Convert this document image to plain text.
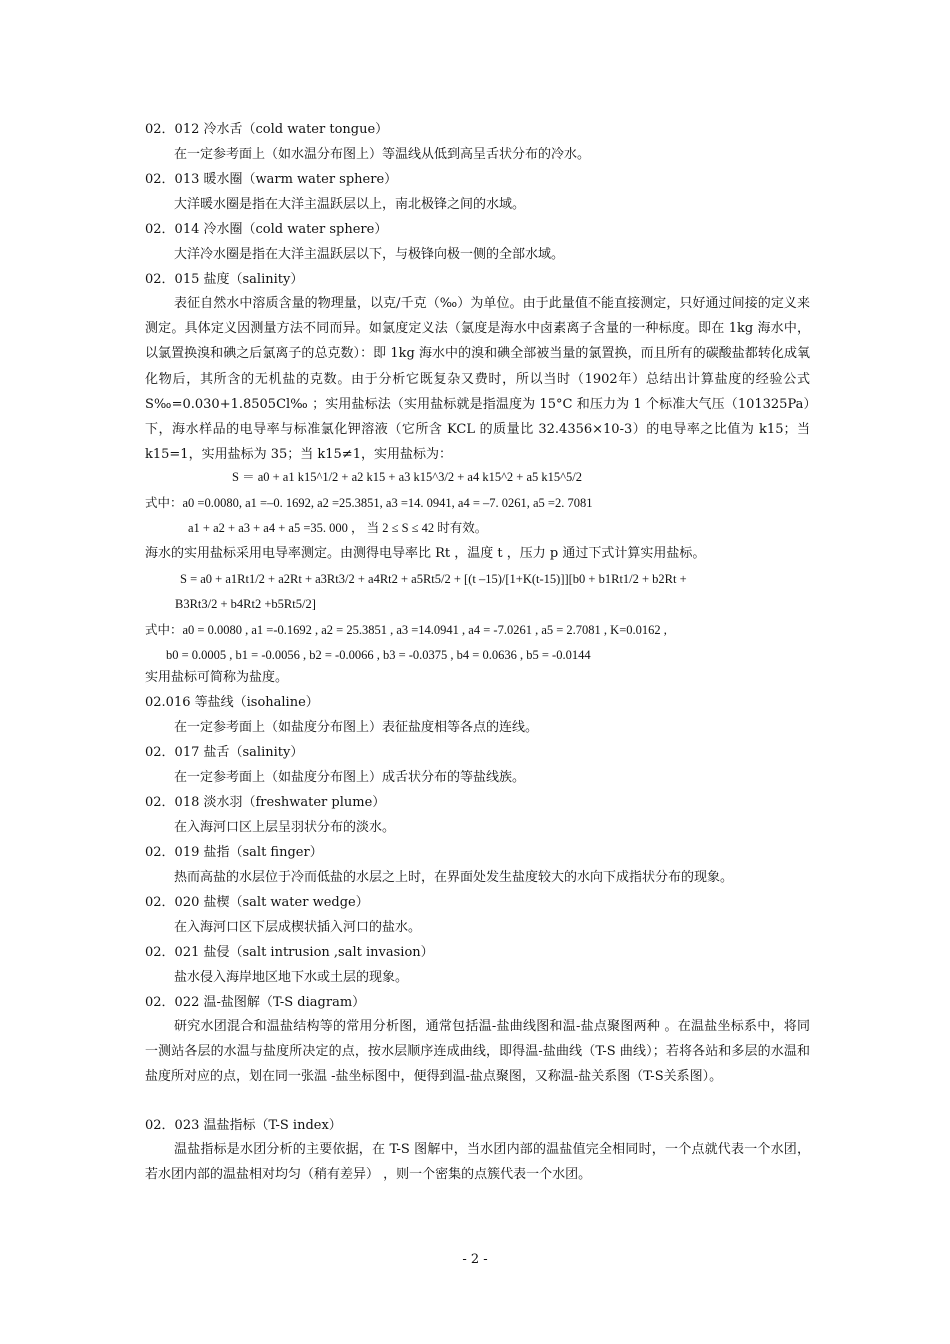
02．012 冷水舌（cold water tongue）
在一定参考面上（如水温分布图上）等温线从低到高呈舌状分布的冷水。
02．013 暖水圈（warm water sphere）
大洋暖水圈是指在大洋主温跃层以上，南北极锋之间的水域。
02．014 冷水圈（cold water sphere）
大洋冷水圈是指在大洋主温跃层以下，与极锋向极一侧的全部水域。
02．015 盐度（salinity）
表征自然水中溶质含量的物理量，以克/千克（‰）为单位。由于此量值不能直接测定，只好通过间接的定义来测定。具体定义因测量方法不同而异。如氯度定义法（氯度是海水中卤素离子含量的一种标度。即在 1kg 海水中，以氯置换溴和碘之后氯离子的总克数）：即 1kg 海水中的溴和碘全部被当量的氯置换，而且所有的碳酸盐都转化成氧化物后，其所含的无机盐的克数。由于分析它既复杂又费时，所以当时（1902年）总结出计算盐度的经验公式 S‰=0.030+1.8505Cl‰ ；实用盐标法（实用盐标就是指温度为 15°C 和压力为 1 个标准大气压（101325Pa）下，海水样品的电导率与标准氯化钾溶液（它所含 KCL 的质量比 32.4356×10-3）的电导率之比值为 k15；当 k15=1，实用盐标为 35；当 k15≠1，实用盐标为：
S ＝ a0 + a1 k15^1/2 + a2 k15 + a3 k15^3/2 + a4 k15^2 + a5 k15^5/2
式中：a0 =0.0080, a1 =–0. 1692, a2 =25.3851, a3 =14. 0941, a4 = –7. 0261, a5 =2. 7081
a1 + a2 + a3 + a4 + a5 =35. 000 ， 当 2 ≤ S ≤ 42 时有效。
海水的实用盐标采用电导率测定。由测得电导率比 Rt ，温度 t ，压力 p 通过下式计算实用盐标。
S = a0 + a1Rt1/2 + a2Rt + a3Rt3/2 + a4Rt2 + a5Rt5/2 + [(t –15)/[1+K(t-15)]][b0 + b1Rt1/2 + b2Rt +
B3Rt3/2 + b4Rt2 +b5Rt5/2]
式中：a0 = 0.0080 , a1 =-0.1692 , a2 = 25.3851 , a3 =14.0941 , a4 = -7.0261 , a5 = 2.7081 , K=0.0162 ,
b0 = 0.0005 , b1 = -0.0056 , b2 = -0.0066 , b3 = -0.0375 , b4 = 0.0636 , b5 = -0.0144
实用盐标可简称为盐度。
02.016 等盐线（isohaline）
在一定参考面上（如盐度分布图上）表征盐度相等各点的连线。
02．017 盐舌（salinity）
在一定参考面上（如盐度分布图上）成舌状分布的等盐线族。
02．018 淡水羽（freshwater plume）
在入海河口区上层呈羽状分布的淡水。
02．019 盐指（salt finger）
热而高盐的水层位于冷而低盐的水层之上时，在界面处发生盐度较大的水向下成指状分布的现象。
02．020 盐楔（salt water wedge）
在入海河口区下层成楔状插入河口的盐水。
02．021 盐侵（salt intrusion ,salt invasion）
盐水侵入海岸地区地下水或土层的现象。
02．022 温-盐图解（T-S diagram）
研究水团混合和温盐结构等的常用分析图，通常包括温-盐曲线图和温-盐点聚图两种 。在温盐坐标系中，将同一测站各层的水温与盐度所决定的点，按水层顺序连成曲线，即得温-盐曲线（T-S 曲线）；若将各站和多层的水温和盐度所对应的点，划在同一张温 -盐坐标图中，便得到温-盐点聚图，又称温-盐关系图（T-S关系图）。
02．023 温盐指标（T-S index）
温盐指标是水团分析的主要依据，在 T-S 图解中，当水团内部的温盐值完全相同时，一个点就代表一个水团，若水团内部的温盐相对均匀（稍有差异） ，则一个密集的点簇代表一个水团。
- 2 -
